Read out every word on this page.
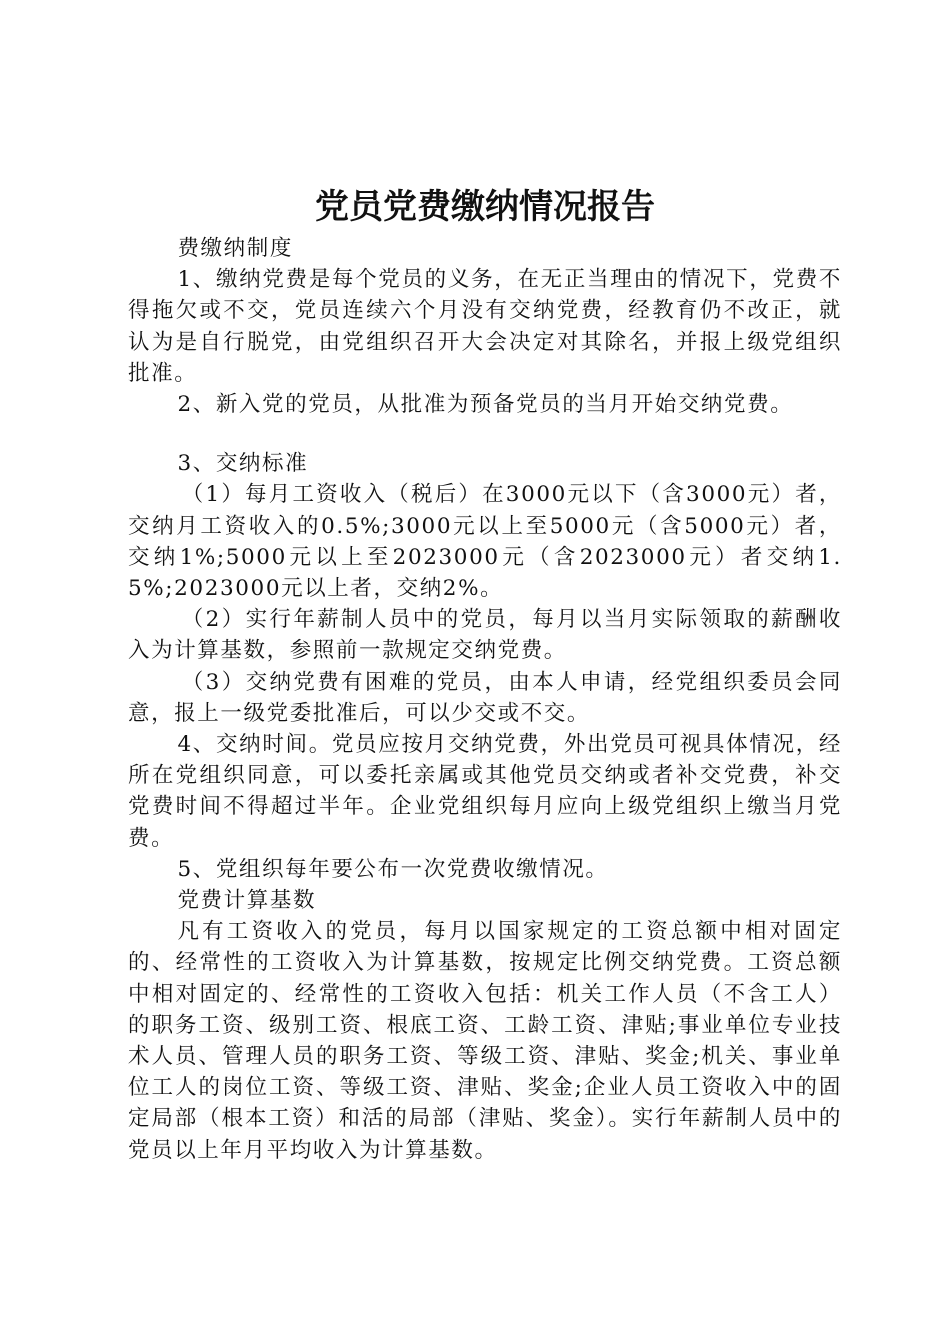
党员党费缴纳情况报告

费缴纳制度

1、缴纳党费是每个党员的义务，在无正当理由的情况下，党费不得拖欠或不交，党员连续六个月没有交纳党费，经教育仍不改正，就认为是自行脱党，由党组织召开大会决定对其除名，并报上级党组织批准。

2、新入党的党员，从批准为预备党员的当月开始交纳党费。

3、交纳标准

（1）每月工资收入（税后）在3000元以下（含3000元）者，交纳月工资收入的0.5%;3000元以上至5000元（含5000元）者，交纳1%;5000元以上至2023000元（含2023000元）者交纳1.5%;2023000元以上者，交纳2%。

（2）实行年薪制人员中的党员，每月以当月实际领取的薪酬收入为计算基数，参照前一款规定交纳党费。

（3）交纳党费有困难的党员，由本人申请，经党组织委员会同意，报上一级党委批准后，可以少交或不交。

4、交纳时间。党员应按月交纳党费，外出党员可视具体情况，经所在党组织同意，可以委托亲属或其他党员交纳或者补交党费，补交党费时间不得超过半年。企业党组织每月应向上级党组织上缴当月党费。

5、党组织每年要公布一次党费收缴情况。

党费计算基数

凡有工资收入的党员，每月以国家规定的工资总额中相对固定的、经常性的工资收入为计算基数，按规定比例交纳党费。工资总额中相对固定的、经常性的工资收入包括：机关工作人员（不含工人）的职务工资、级别工资、根底工资、工龄工资、津贴;事业单位专业技术人员、管理人员的职务工资、等级工资、津贴、奖金;机关、事业单位工人的岗位工资、等级工资、津贴、奖金;企业人员工资收入中的固定局部（根本工资）和活的局部（津贴、奖金）。实行年薪制人员中的党员以上年月平均收入为计算基数。
